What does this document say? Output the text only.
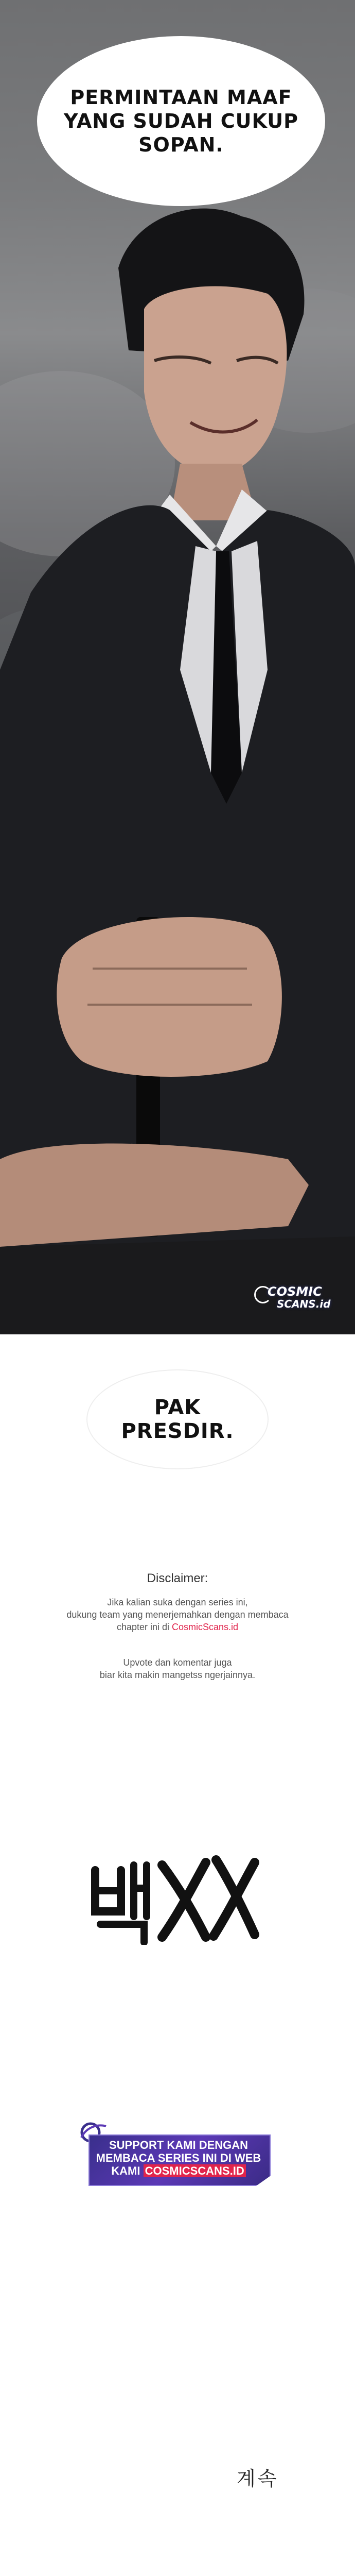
PERMINTAAN MAAF YANG SUDAH CUKUP SOPAN.
COSMIC
SCANS.id
PAK PRESDIR.
Disclaimer:
Jika kalian suka dengan series ini,
dukung team yang menerjemahkan dengan membaca
chapter ini di CosmicScans.id
Upvote dan komentar juga
biar kita makin mangetss ngerjainnya.
SUPPORT KAMI DENGAN
MEMBACA SERIES INI DI WEB
KAMI COSMICSCANS.ID
계속
